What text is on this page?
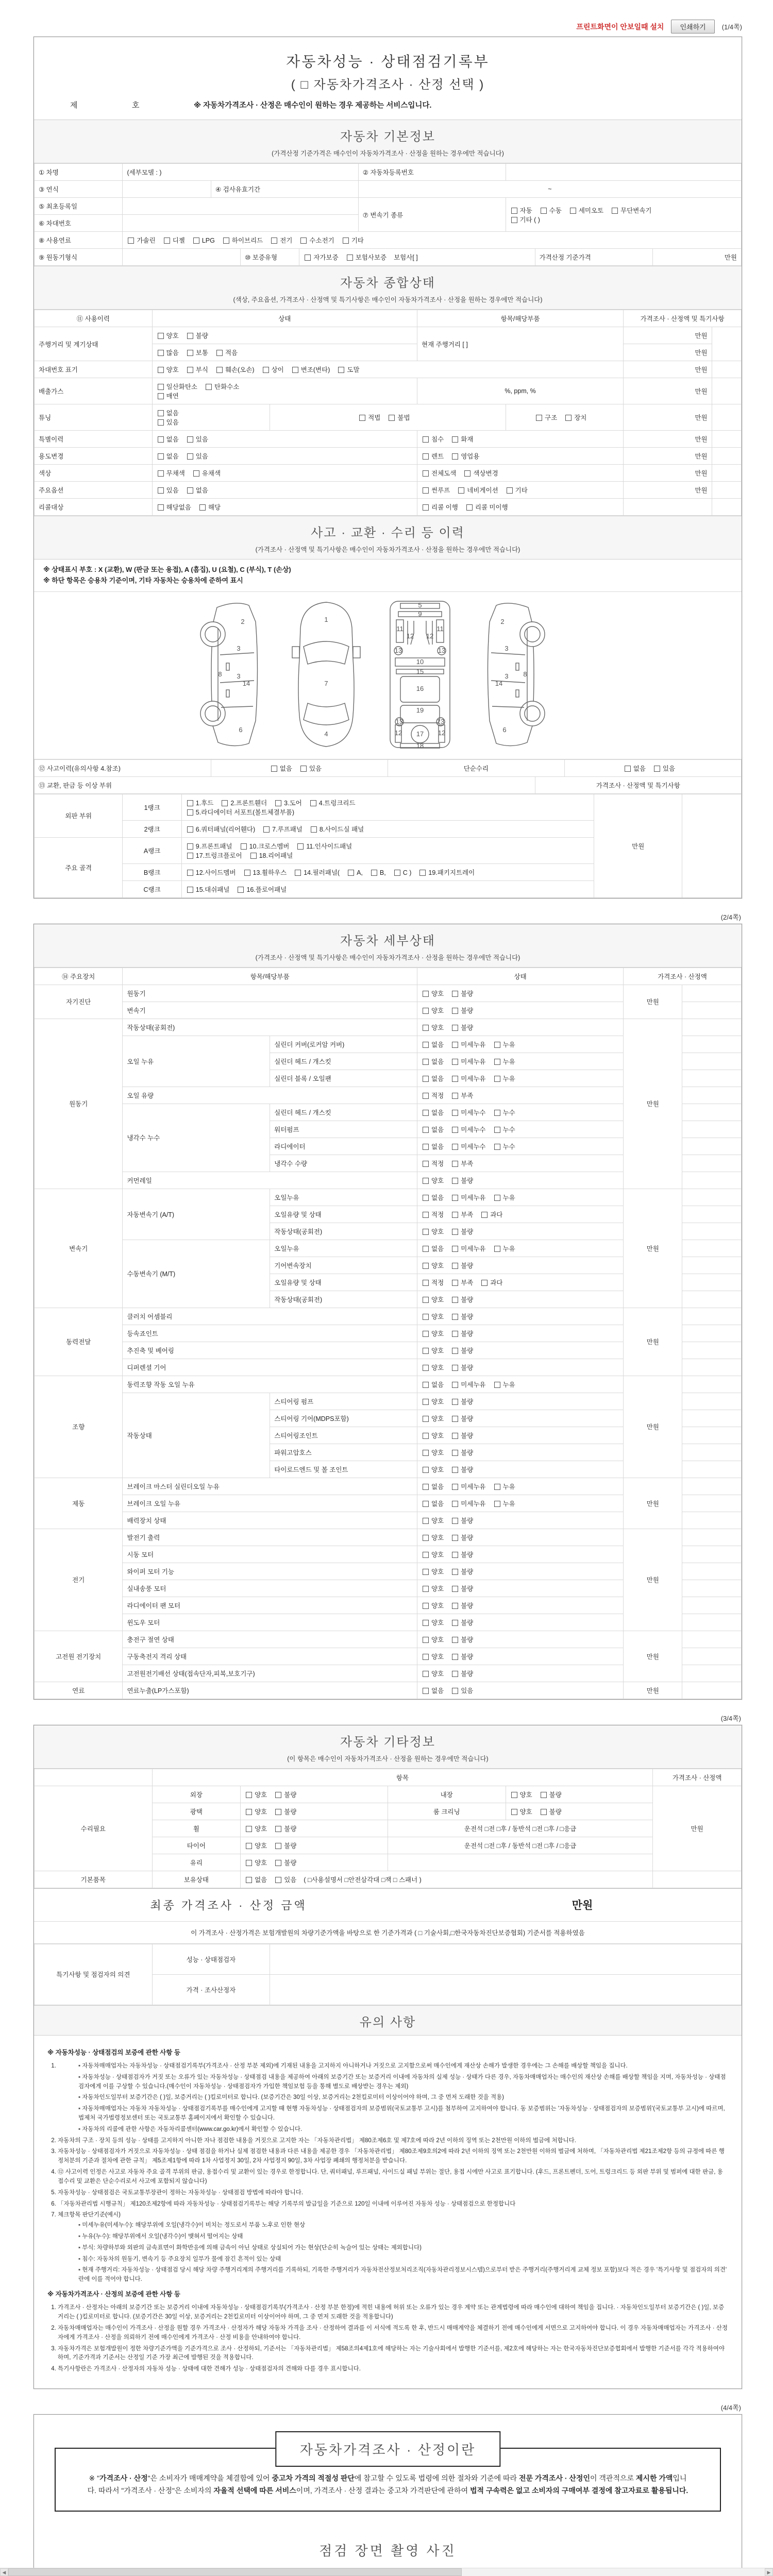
프린트화면이 안보일때 설치	인쇄하기	(1/4쪽)
자동차성능 · 상태점검기록부
( □ 자동차가격조사 · 산정 선택 )
제	호	※ 자동차가격조사 · 산정은 매수인이 원하는 경우 제공하는 서비스입니다.
자동차 기본정보
(가격산정 기준가격은 매수인이 자동차가격조사 · 산정을 원하는 경우에만 적습니다)
① 차명	(세부모델 : )				② 자동차등록번호			
③ 연식		④ 검사유효기간			~			
⑤ 최초등록일					⑦ 변속기 종류	자동 수동 세미오토 무단변속기
기타 ( )		
⑥ 차대번호								
⑧ 사용연료	가솔린 디젤 LPG 하이브리드 전기 수소전기 기타							
⑨ 원동기형식			⑩ 보증유형	자가보증 보험사보증 보험사[ ]			가격산정 기준가격	만원
자동차 종합상태
(색상, 주요옵션, 가격조사 · 산정액 및 특기사항은 매수인이 자동차가격조사 · 산정을 원하는 경우에만 적습니다)
⑪ 사용이력	상태		항목/해당부품		가격조사 · 산정액 및 특기사항	
주행거리 및 계기상태	양호 불량		현재 주행거리 [ ]		만원	
	많음 보통 적음				만원	
차대번호 표기	양호 부식 훼손(오손) 상이 변조(변타) 도말				만원	
배출가스	일산화탄소 탄화수소
매연		%, ppm, %		만원	
튜닝	없음
있음	적법 불법		구조 장치	만원	
특별이력	없음 있음		침수 화재		만원	
용도변경	없음 있음		렌트 영업용		만원	
색상	무채색 유채색		전체도색 색상변경		만원	
주요옵션	있음 없음		썬루프 네비게이션 기타		만원	
리콜대상	해당없음 해당		리콜 이행 리콜 미이행			
사고 · 교환 · 수리 등 이력
(가격조사 · 산정액 및 특기사항은 매수인이 자동차가격조사 · 산정을 원하는 경우에만 적습니다)
※ 상태표시 부호 : X (교환), W (판금 또는 용접), A (흠집), U (요철), C (부식), T (손상)
※ 하단 항목은 승용차 기준이며, 기타 자동차는 승용차에 준하여 표시
2
3
3
8
14
6
1
7
4
5
9
11	11
12 12
13	13
10
15
16
19
17
12	12
13	13
18
2
3
3 8
14
6
⑫ 사고이력(유의사항 4.참조)	없음 있음	단순수리		없음 있음
⑬ 교환, 판금 등 이상 부위			가격조사 · 산정액 및 특기사항	
외판 부위	1랭크	1.후드 2.프론트휀더 3.도어 4.트렁크리드
5.라디에이터 서포트(볼트체결부품)	만원	
	2랭크	6.쿼터패널(리어휀다) 7.루프패널 8.사이드실 패널		
주요 골격	A랭크	9.프론트패널 10.크로스멤버 11.인사이드패널
17.트렁크플로어 18.리어패널		
	B랭크	12.사이드멤버 13.휠하우스 14.필러패널( A, B, C ) 19.패키지트레이		
	C랭크	15.대쉬패널 16.플로어패널		
(2/4쪽)
자동차 세부상태
(가격조사 · 산정액 및 특기사항은 매수인이 자동차가격조사 · 산정을 원하는 경우에만 적습니다)
⑭ 주요장치	항목/해당부품		상태	가격조사 · 산정액	
자기진단	원동기		양호 불량	만원	
	변속기		양호 불량		
원동기	작동상태(공회전)		양호 불량	만원	
	오일 누유	실린더 커버(로커암 커버)	없음 미세누유 누유		
		실린더 헤드 / 개스킷	없음 미세누유 누유		
		실린더 블록 / 오일팬	없음 미세누유 누유		
	오일 유량		적정 부족		
	냉각수 누수	실린더 헤드 / 개스킷	없음 미세누수 누수		
		워터펌프	없음 미세누수 누수		
		라디에이터	없음 미세누수 누수		
		냉각수 수량	적정 부족		
	커먼레일		양호 불량		
변속기	자동변속기 (A/T)	오일누유	없음 미세누유 누유	만원	
		오일유량 및 상태	적정 부족 과다		
		작동상태(공회전)	양호 불량		
	수동변속기 (M/T)	오일누유	없음 미세누유 누유		
		기어변속장치	양호 불량		
		오일유량 및 상태	적정 부족 과다		
		작동상태(공회전)	양호 불량		
동력전달	클러치 어셈블리		양호 불량	만원	
	등속죠인트		양호 불량		
	추진축 및 베어링		양호 불량		
	디퍼렌셜 기어		양호 불량		
조향	동력조향 작동 오일 누유		없음 미세누유 누유	만원	
	작동상태	스티어링 펌프	양호 불량		
		스티어링 기어(MDPS포함)	양호 불량		
		스티어링조인트	양호 불량		
		파워고압호스	양호 불량		
		타이로드엔드 및 볼 조인트	양호 불량		
제동	브레이크 마스터 실린더오일 누유		없음 미세누유 누유	만원	
	브레이크 오일 누유		없음 미세누유 누유		
	배력장치 상태		양호 불량		
전기	발전기 출력		양호 불량	만원	
	시동 모터		양호 불량		
	와이퍼 모터 기능		양호 불량		
	실내송풍 모터		양호 불량		
	라디에이터 팬 모터		양호 불량		
	윈도우 모터		양호 불량		
고전원 전기장치	충전구 절연 상태		양호 불량	만원	
	구동축전지 격리 상태		양호 불량		
	고전원전기배선 상태(접속단자,피복,보호기구)		양호 불량		
연료	연료누출(LP가스포함)		없음 있음	만원	
(3/4쪽)
자동차 기타정보
(이 항목은 매수인이 자동차가격조사 · 산정을 원하는 경우에만 적습니다)
	항목				가격조사 · 산정액
수리필요	외장	양호 불량	내장	양호 불량	만원
	광택	양호 불량	룸 크리닝	양호 불량	
	휠	양호 불량	운전석 □전 □후 / 동반석 □전 □후 / □응급		
	타이어	양호 불량	운전석 □전 □후 / 동반석 □전 □후 / □응급		
	유리	양호 불량			
기본품목	보유상태	없음 있음 ( □사용설명서 □안전삼각대 □잭 □ 스패너 )			
최종 가격조사 · 산정 금액	만원
이 가격조사 · 산정가격은 보험개발원의 차량기준가액을 바탕으로 한 기준가격과 ( □ 기술사회,□한국자동차진단보증협회) 기준서를 적용하였음
특기사항 및 점검자의 의견	성능 · 상태점검자	
	가격 · 조사산정자	
유의 사항
※ 자동차성능 · 상태점검의 보증에 관한 사항 등
▪ 1. 자동차매매업자는 자동차성능 · 상태점검기록부(가격조사 · 산정 부분 제외)에 기재된 내용을 고지하지 아니하거나 거짓으로 고지함으로써 매수인에게 재산상 손해가 발생한 경우에는 그 손해를 배상할 책임을 집니다.
▪ 자동차성능 · 상태점검자가 거짓 또는 오류가 있는 자동차성능 · 상태점검 내용을 제공하여 아래의 보증기간 또는 보증거리 이내에 자동차의 실제 성능 · 상태가 다른 경우, 자동차매매업자는 매수인의 재산상 손해를 배상할 책임을 지며, 자동차성능 · 상태점검자에게 이를 구상할 수 있습니다.(매수인이 자동차성능 · 상태점검자가 가입한 책임보험 등을 통해 별도로 배상받는 경우는 제외)
▪ 자동차인도일부터 보증기간은 ( )일, 보증거리는 ( )킬로미터로 합니다. (보증기간은 30일 이상, 보증거리는 2천킬로미터 이상이어야 하며, 그 중 먼저 도래한 것을 적용)
▪ 자동차매매업자는 자동차 자동차성능 · 상태점검기록부를 매수인에게 고지할 때 현행 자동차성능 · 상태점검자의 보증범위(국토교통부 고시)를 첨부하여 고지하여야 합니다. 동 보증범위는 '자동차성능 · 상태점검자의 보증범위'(국토교통부 고시)에 따르며, 법제처 국가법령정보센터 또는 국토교통부 홈페이지에서 확인할 수 있습니다.
▪ 자동차의 리콜에 관한 사항은 자동차리콜센터(www.car.go.kr)에서 확인할 수 있습니다.
2. 자동차의 구조 · 장치 등의 성능 · 상태를 고지하지 아니한 자나 점검한 내용을 거짓으로 고지한 자는 「자동차관리법」 제80조제6호 및 제7호에 따라 2년 이하의 징역 또는 2천만원 이하의 벌금에 처합니다.
3. 자동차성능 · 상태점검자가 거짓으로 자동차성능 · 상태 점검을 하거나 실제 점검한 내용과 다른 내용을 제공한 경우 「자동차관리법」 제80조제9호의2에 따라 2년 이하의 징역 또는 2천만원 이하의 벌금에 처하며, 「자동차관리법 제21조제2항 등의 규정에 따른 행정처분의 기준과 절차에 관한 규칙」 제5조제1항에 따라 1차 사업정지 30일, 2차 사업정지 90일, 3차 사업장 폐쇄의 행정처분을 받습니다.
4. ⑫ 사고이력 인정은 사고로 자동차 주요 골격 부위의 판금, 용접수리 및 교환이 있는 경우로 한정합니다. 단, 쿼터패널, 루프패널, 사이드실 패널 부위는 절단, 용접 시에만 사고로 표기합니다. (후드, 프론트펜더, 도어, 트렁크리드 등 외판 부위 및 범퍼에 대한 판금, 용접수리 및 교환은 단순수리로서 사고에 포함되지 않습니다)
5. 자동차성능 · 상태점검은 국토교통부장관이 정하는 자동차성능 · 상태점검 방법에 따라야 합니다.
6. 「자동차관리법 시행규칙」 제120조제2항에 따라 자동차성능 · 상태점검기록부는 해당 기록부의 발급일을 기준으로 120일 이내에 이루어진 자동차 성능 · 상태점검으로 한정합니다
7. 체크항목 판단기준(예시)
▪ 미세누유(미세누수): 해당부위에 오일(냉각수)이 비치는 정도로서 부품 노후로 인한 현상
▪ 누유(누수): 해당부위에서 오일(냉각수)이 맺혀서 떨어지는 상태
▪ 부식: 차량하부와 외판의 금속표면이 화학반응에 의해 금속이 아닌 상태로 상실되어 가는 현상(단순히 녹슬어 있는 상태는 제외합니다)
▪ 침수: 자동차의 원동기, 변속기 등 주요장치 일부가 물에 잠긴 흔적이 있는 상태
▪ 현재 주행거리: 자동차성능 · 상태점검 당시 해당 차량 주행거리계의 주행거리를 기록하되, 기록한 주행거리가 자동차전산정보처리조직(자동차관리정보시스템)으로부터 받은 주행거리(주행거리계 교체 정보 포함)보다 적은 경우 '특기사항 및 점검자의 의견' 란에 이를 적어야 합니다.
※ 자동차가격조사 · 산정의 보증에 관한 사항 등
1. 가격조사 · 산정자는 아래의 보증기간 또는 보증거리 이내에 자동차성능 · 상태점검기록부(가격조사 · 산정 부분 한정)에 적힌 내용에 허위 또는 오류가 있는 경우 계약 또는 관계법령에 따라 매수인에 대하여 책임을 집니다. · 자동차인도일부터 보증기간은 ( )일, 보증거리는 ( )킬로미터로 합니다. (보증기간은 30일 이상, 보증거리는 2천킬로미터 이상이어야 하며, 그 중 먼저 도래한 것을 적용합니다)
2. 자동차매매업자는 매수인이 가격조사 · 산정을 원할 경우 가격조사 · 산정자가 해당 자동차 가격을 조사 · 산정하여 결과를 이 서식에 적도록 한 후, 반드시 매매계약을 체결하기 전에 매수인에게 서면으로 고지하여야 합니다. 이 경우 자동차매매업자는 가격조사 · 산정자에게 가격조사 · 산정을 의뢰하기 전에 매수인에게 가격조사 · 산정 비용을 안내하여야 합니다.
3. 자동차가격은 보험개발원이 정한 차량기준가액을 기준가격으로 조사 · 산정하되, 기준서는 「자동차관리법」 제58조의4제1호에 해당하는 자는 기술사회에서 발행한 기준서를, 제2호에 해당하는 자는 한국자동차진단보증협회에서 발행한 기준서를 각각 적용하여야 하며, 기준가격과 기준서는 산정일 기준 가장 최근에 발행된 것을 적용합니다.
4. 특기사항란은 가격조사 · 산정자의 자동차 성능 · 상태에 대한 견해가 성능 · 상태점검자의 견해와 다를 경우 표시합니다.
(4/4쪽)
자동차가격조사 · 산정이란
※ "가격조사 · 산정"은 소비자가 매매계약을 체결함에 있어 중고차 가격의 적절성 판단에 참고할 수 있도록 법령에 의한 절차와 기준에 따라 전문 가격조사 · 산정인이 객관적으로 제시한 가액입니다. 따라서 "가격조사 · 산정"은 소비자의 자율적 선택에 따른 서비스이며, 가격조사 · 산정 결과는 중고차 가격판단에 관하여 법적 구속력은 없고 소비자의 구매여부 결정에 참고자료로 활용됩니다.
점검 장면 촬영 사진
◀	▶
